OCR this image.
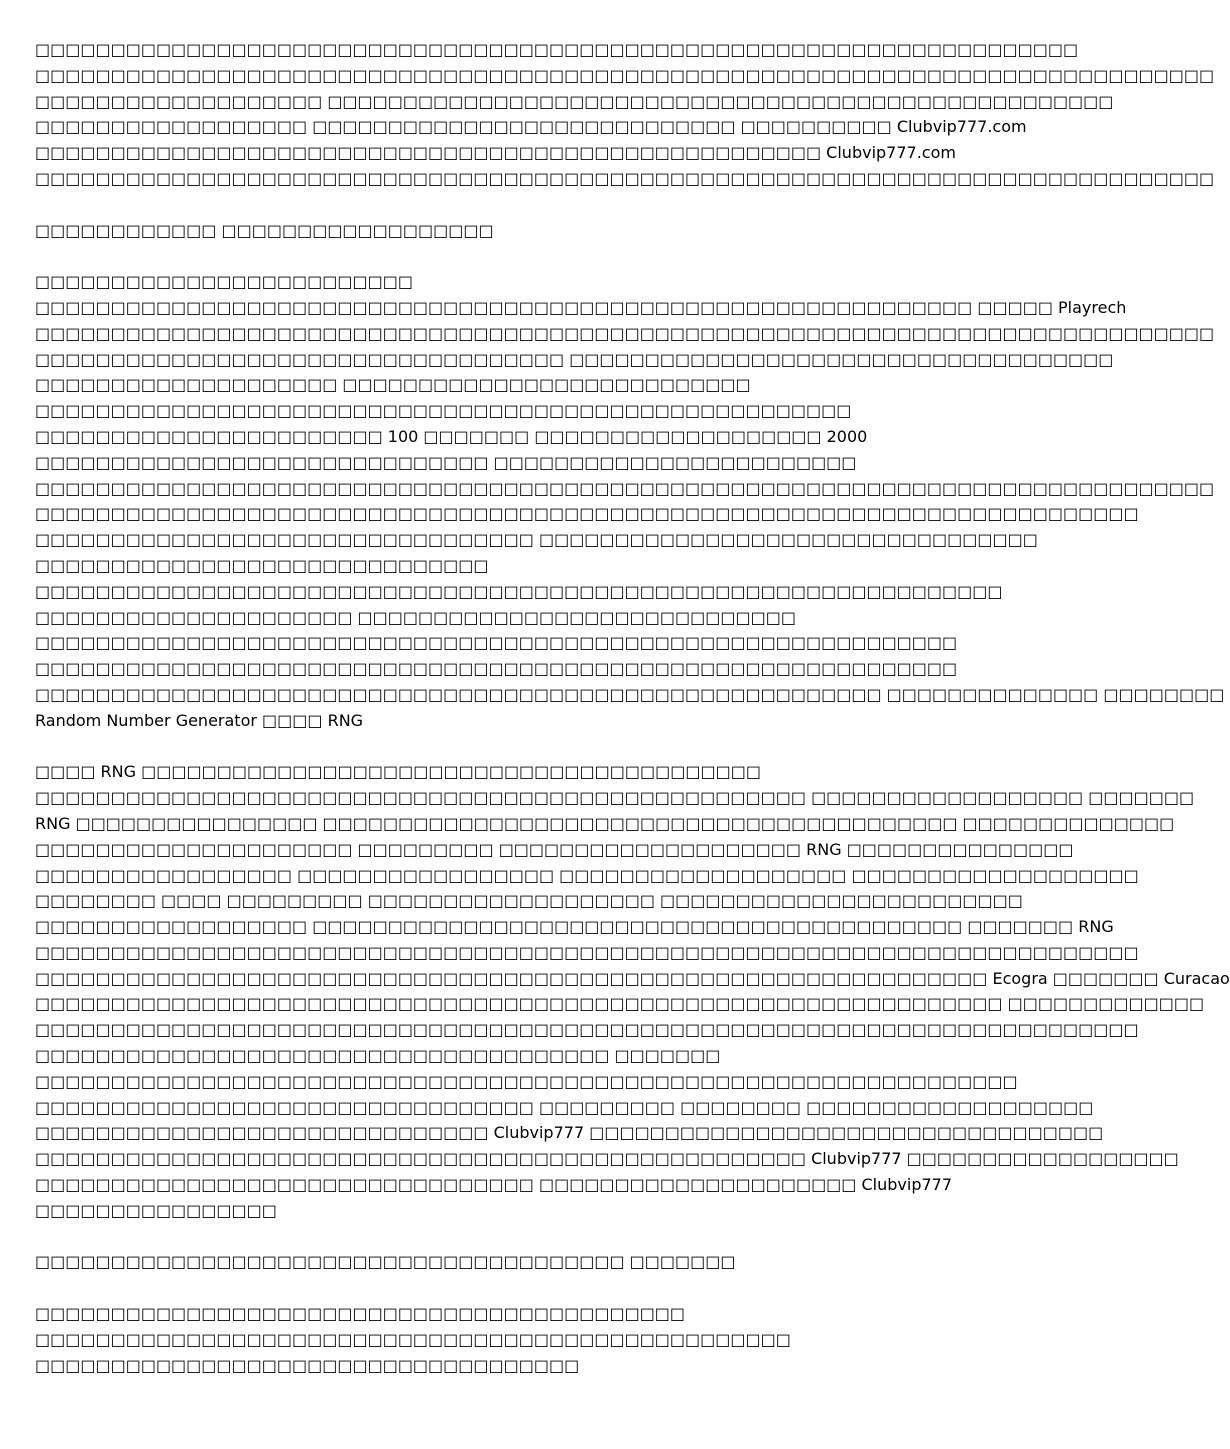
□□□□□□□□□□□□□□□□□□□□□□□□□□□□□□□□□□□□□□□□□□□□□□□□□□□□□□□□□□□□□□□□□□□□□
□□□□□□□□□□□□□□□□□□□□□□□□□□□□□□□□□□□□□□□□□□□□□□□□□□□□□□□□□□□□□□□□□□□□□□□□□□□□□□
□□□□□□□□□□□□□□□□□□□ □□□□□□□□□□□□□□□□□□□□□□□□□□□□□□□□□□□□□□□□□□□□□□□□□□□□
□□□□□□□□□□□□□□□□□□ □□□□□□□□□□□□□□□□□□□□□□□□□□□□ □□□□□□□□□□ Clubvip777.com
□□□□□□□□□□□□□□□□□□□□□□□□□□□□□□□□□□□□□□□□□□□□□□□□□□□□ Clubvip777.com
□□□□□□□□□□□□□□□□□□□□□□□□□□□□□□□□□□□□□□□□□□□□□□□□□□□□□□□□□□□□□□□□□□□□□□□□□□□□□□
□□□□□□□□□□□□ □□□□□□□□□□□□□□□□□□
□□□□□□□□□□□□□□□□□□□□□□□□□
□□□□□□□□□□□□□□□□□□□□□□□□□□□□□□□□□□□□□□□□□□□□□□□□□□□□□□□□□□□□□□ □□□□□ Playrech
□□□□□□□□□□□□□□□□□□□□□□□□□□□□□□□□□□□□□□□□□□□□□□□□□□□□□□□□□□□□□□□□□□□□□□□□□□□□□□
□□□□□□□□□□□□□□□□□□□□□□□□□□□□□□□□□□□ □□□□□□□□□□□□□□□□□□□□□□□□□□□□□□□□□□□□
□□□□□□□□□□□□□□□□□□□□ □□□□□□□□□□□□□□□□□□□□□□□□□□□
□□□□□□□□□□□□□□□□□□□□□□□□□□□□□□□□□□□□□□□□□□□□□□□□□□□□□□
□□□□□□□□□□□□□□□□□□□□□□□ 100 □□□□□□□ □□□□□□□□□□□□□□□□□□□ 2000
□□□□□□□□□□□□□□□□□□□□□□□□□□□□□□ □□□□□□□□□□□□□□□□□□□□□□□□
□□□□□□□□□□□□□□□□□□□□□□□□□□□□□□□□□□□□□□□□□□□□□□□□□□□□□□□□□□□□□□□□□□□□□□□□□□□□□□
□□□□□□□□□□□□□□□□□□□□□□□□□□□□□□□□□□□□□□□□□□□□□□□□□□□□□□□□□□□□□□□□□□□□□□□□□
□□□□□□□□□□□□□□□□□□□□□□□□□□□□□□□□□ □□□□□□□□□□□□□□□□□□□□□□□□□□□□□□□□□
□□□□□□□□□□□□□□□□□□□□□□□□□□□□□□
□□□□□□□□□□□□□□□□□□□□□□□□□□□□□□□□□□□□□□□□□□□□□□□□□□□□□□□□□□□□□□□□
□□□□□□□□□□□□□□□□□□□□□ □□□□□□□□□□□□□□□□□□□□□□□□□□□□□
□□□□□□□□□□□□□□□□□□□□□□□□□□□□□□□□□□□□□□□□□□□□□□□□□□□□□□□□□□□□□
□□□□□□□□□□□□□□□□□□□□□□□□□□□□□□□□□□□□□□□□□□□□□□□□□□□□□□□□□□□□□
□□□□□□□□□□□□□□□□□□□□□□□□□□□□□□□□□□□□□□□□□□□□□□□□□□□□□□□□ □□□□□□□□□□□□□□ □□□□□□□□
Random Number Generator □□□□ RNG
□□□□ RNG □□□□□□□□□□□□□□□□□□□□□□□□□□□□□□□□□□□□□□□□□
□□□□□□□□□□□□□□□□□□□□□□□□□□□□□□□□□□□□□□□□□□□□□□□□□□□ □□□□□□□□□□□□□□□□□□ □□□□□□□
RNG □□□□□□□□□□□□□□□□ □□□□□□□□□□□□□□□□□□□□□□□□□□□□□□□□□□□□□□□□□□ □□□□□□□□□□□□□□
□□□□□□□□□□□□□□□□□□□□□ □□□□□□□□□ □□□□□□□□□□□□□□□□□□□□ RNG □□□□□□□□□□□□□□□
□□□□□□□□□□□□□□□□□ □□□□□□□□□□□□□□□□□ □□□□□□□□□□□□□□□□□□□ □□□□□□□□□□□□□□□□□□□
□□□□□□□□ □□□□ □□□□□□□□□ □□□□□□□□□□□□□□□□□□□ □□□□□□□□□□□□□□□□□□□□□□□□
□□□□□□□□□□□□□□□□□□ □□□□□□□□□□□□□□□□□□□□□□□□□□□□□□□□□□□□□□□□□□□ □□□□□□□ RNG
□□□□□□□□□□□□□□□□□□□□□□□□□□□□□□□□□□□□□□□□□□□□□□□□□□□□□□□□□□□□□□□□□□□□□□□□□
□□□□□□□□□□□□□□□□□□□□□□□□□□□□□□□□□□□□□□□□□□□□□□□□□□□□□□□□□□□□□□□ Ecogra □□□□□□□ Curacao
□□□□□□□□□□□□□□□□□□□□□□□□□□□□□□□□□□□□□□□□□□□□□□□□□□□□□□□□□□□□□□□□ □□□□□□□□□□□□□
□□□□□□□□□□□□□□□□□□□□□□□□□□□□□□□□□□□□□□□□□□□□□□□□□□□□□□□□□□□□□□□□□□□□□□□□□
□□□□□□□□□□□□□□□□□□□□□□□□□□□□□□□□□□□□□□ □□□□□□□
□□□□□□□□□□□□□□□□□□□□□□□□□□□□□□□□□□□□□□□□□□□□□□□□□□□□□□□□□□□□□□□□□
□□□□□□□□□□□□□□□□□□□□□□□□□□□□□□□□□ □□□□□□□□□ □□□□□□□□ □□□□□□□□□□□□□□□□□□□
□□□□□□□□□□□□□□□□□□□□□□□□□□□□□□ Clubvip777 □□□□□□□□□□□□□□□□□□□□□□□□□□□□□□□□□□
□□□□□□□□□□□□□□□□□□□□□□□□□□□□□□□□□□□□□□□□□□□□□□□□□□□ Clubvip777 □□□□□□□□□□□□□□□□□□
□□□□□□□□□□□□□□□□□□□□□□□□□□□□□□□□□ □□□□□□□□□□□□□□□□□□□□□ Clubvip777
□□□□□□□□□□□□□□□□
□□□□□□□□□□□□□□□□□□□□□□□□□□□□□□□□□□□□□□□ □□□□□□□
□□□□□□□□□□□□□□□□□□□□□□□□□□□□□□□□□□□□□□□□□□□
□□□□□□□□□□□□□□□□□□□□□□□□□□□□□□□□□□□□□□□□□□□□□□□□□□
□□□□□□□□□□□□□□□□□□□□□□□□□□□□□□□□□□□□
